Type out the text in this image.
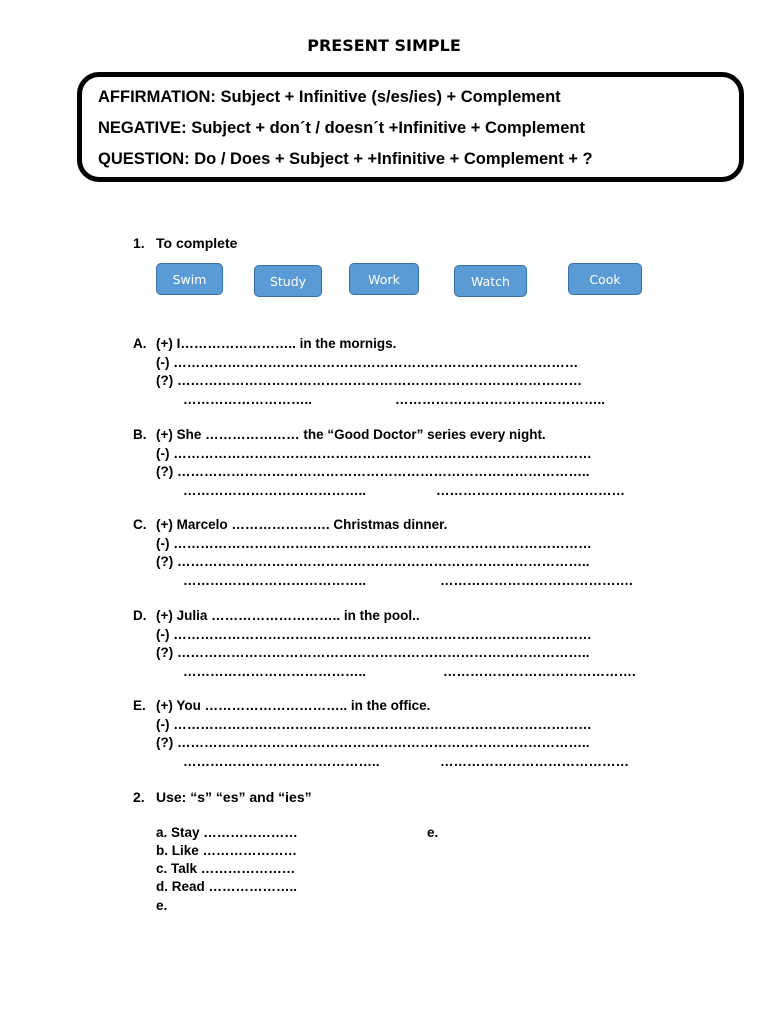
PRESENT SIMPLE
AFFIRMATION: Subject + Infinitive (s/es/ies) + Complement
NEGATIVE: Subject + don´t / doesn´t +Infinitive + Complement
QUESTION: Do / Does + Subject + +Infinitive + Complement + ?
1. To complete
Swim	Study	Work	Watch	Cook
A. (+) I…………………….. in the mornigs.
(-) ………………………………………………………………………………
(?) ………………………………………………………………………………
………………………..	………………………………………..
B. (+) She ………………… the “Good Doctor” series every night.
(-) …………………………………………………………………………………
(?) ………………………………………………………………………………..
…………………………………..	……………………………………
C. (+) Marcelo …………………. Christmas dinner.
(-) …………………………………………………………………………………
(?) ………………………………………………………………………………..
…………………………………..	…………………………………….
D. (+) Julia ……………………….. in the pool..
(-) …………………………………………………………………………………
(?) ………………………………………………………………………………..
…………………………………..	…………………………………….
E. (+) You ………………………….. in the office.
(-) …………………………………………………………………………………
(?) ………………………………………………………………………………..
……………………………………..	……………………………………
2. Use: “s” “es” and “ies”
a. Stay …………………	e.
b. Like …………………
c. Talk …………………
d. Read ………………..
e.
